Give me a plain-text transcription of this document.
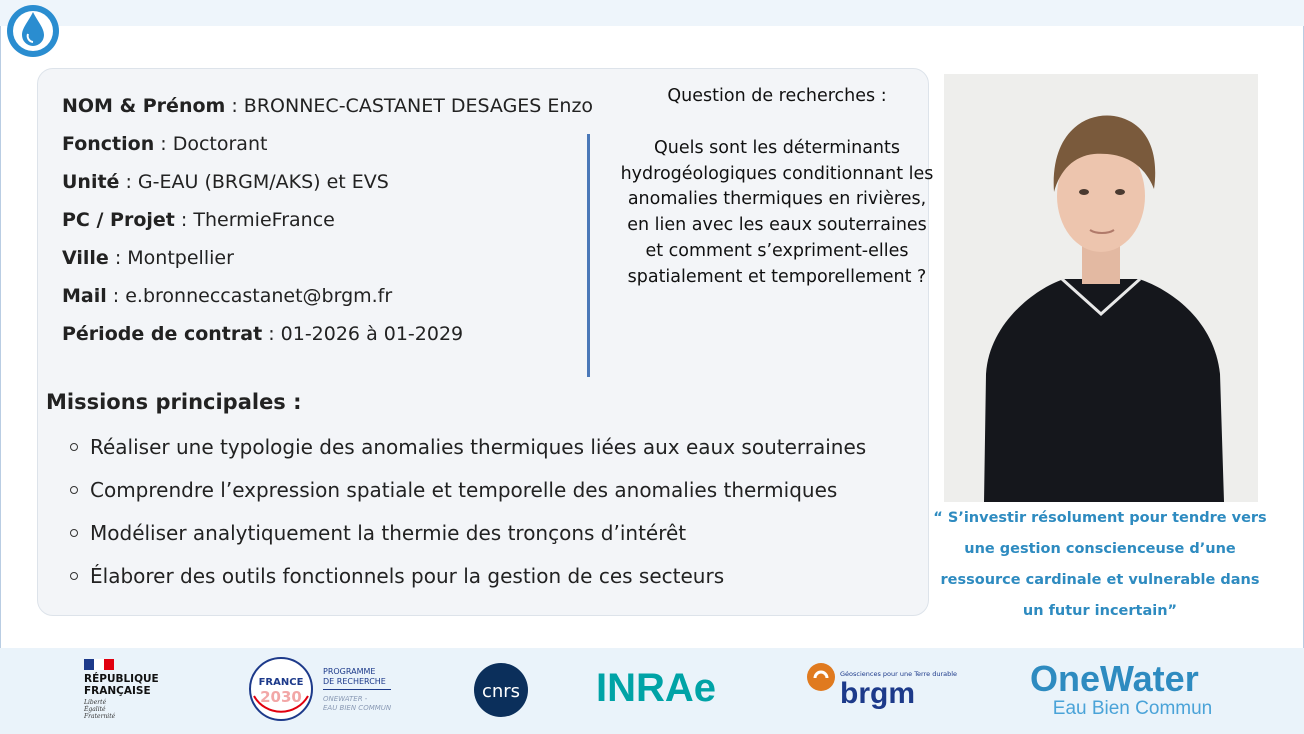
NOM & Prénom : BRONNEC-CASTANET DESAGES Enzo
Fonction : Doctorant
Unité : G-EAU (BRGM/AKS) et EVS
PC / Projet : ThermieFrance
Ville : Montpellier
Mail : e.bronneccastanet@brgm.fr
Période de contrat : 01-2026 à 01-2029
Question de recherches :
Quels sont les déterminants hydrogéologiques conditionnant les anomalies thermiques en rivières, en lien avec les eaux souterraines et comment s’expriment-elles spatialement et temporellement ?
Missions principales :
Réaliser une typologie des anomalies thermiques liées aux eaux souterraines
Comprendre l’expression spatiale et temporelle des anomalies thermiques
Modéliser analytiquement la thermie des tronçons d’intérêt
Élaborer des outils fonctionnels pour la gestion de ces secteurs
“ S’investir résolument pour tendre vers une gestion conscienceuse d’une ressource cardinale et vulnerable dans un futur incertain”
RÉPUBLIQUE
FRANÇAISE
Liberté
Égalité
Fraternité
FRANCE
2030
PROGRAMME
DE RECHERCHE
ONEWATER -
EAU BIEN COMMUN
cnrs INRAe	Géosciences pour une Terre durable
brgm	OneWater
Eau Bien Commun
